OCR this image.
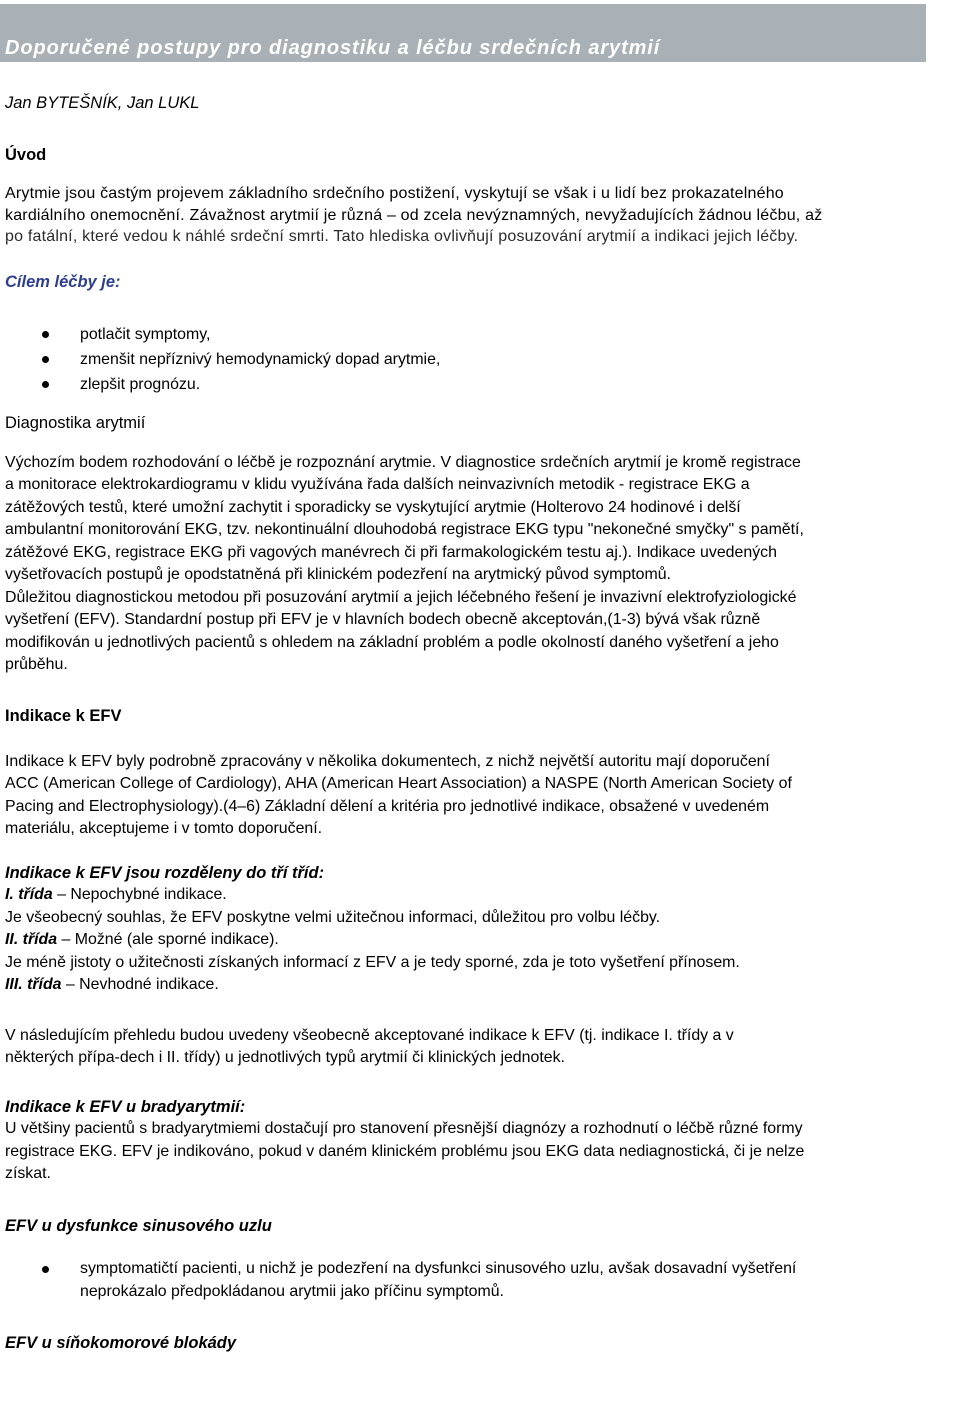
Doporučené postupy pro diagnostiku a léčbu srdečních arytmií

Jan BYTEŠNÍK, Jan LUKL

Úvod

Arytmie jsou častým projevem základního srdečního postižení, vyskytují se však i u lidí bez prokazatelného
kardiálního onemocnění. Závažnost arytmií je různá – od zcela nevýznamných, nevyžadujících žádnou léčbu, až
po fatální, které vedou k náhlé srdeční smrti. Tato hlediska ovlivňují posuzování arytmií a indikaci jejich léčby.

Cílem léčby je:

potlačit symptomy,
zmenšit nepříznivý hemodynamický dopad arytmie,
zlepšit prognózu.

Diagnostika arytmií

Výchozím bodem rozhodování o léčbě je rozpoznání arytmie. V diagnostice srdečních arytmií je kromě registrace
a monitorace elektrokardiogramu v klidu využívána řada dalších neinvazivních metodik - registrace EKG a
zátěžových testů, které umožní zachytit i sporadicky se vyskytující arytmie (Holterovo 24 hodinové i delší
ambulantní monitorování EKG, tzv. nekontinuální dlouhodobá registrace EKG typu "nekonečné smyčky" s pamětí,
zátěžové EKG, registrace EKG při vagových manévrech či při farmakologickém testu aj.). Indikace uvedených
vyšetřovacích postupů je opodstatněná při klinickém podezření na arytmický původ symptomů.
Důležitou diagnostickou metodou při posuzování arytmií a jejich léčebného řešení je invazivní elektrofyziologické
vyšetření (EFV). Standardní postup při EFV je v hlavních bodech obecně akceptován,(1-3) bývá však různě
modifikován u jednotlivých pacientů s ohledem na základní problém a podle okolností daného vyšetření a jeho
průběhu.

Indikace k EFV

Indikace k EFV byly podrobně zpracovány v několika dokumentech, z nichž největší autoritu mají doporučení
ACC (American College of Cardiology), AHA (American Heart Association) a NASPE (North American Society of
Pacing and Electrophysiology).(4–6) Základní dělení a kritéria pro jednotlivé indikace, obsažené v uvedeném
materiálu, akceptujeme i v tomto doporučení.

Indikace k EFV jsou rozděleny do tří tříd:

I. třída – Nepochybné indikace.

Je všeobecný souhlas, že EFV poskytne velmi užitečnou informaci, důležitou pro volbu léčby.

II. třída – Možné (ale sporné indikace).

Je méně jistoty o užitečnosti získaných informací z EFV a je tedy sporné, zda je toto vyšetření přínosem.

III. třída – Nevhodné indikace.

V následujícím přehledu budou uvedeny všeobecně akceptované indikace k EFV (tj. indikace I. třídy a v
některých přípa-dech i II. třídy) u jednotlivých typů arytmií či klinických jednotek.

Indikace k EFV u bradyarytmií:

U většiny pacientů s bradyarytmiemi dostačují pro stanovení přesnější diagnózy a rozhodnutí o léčbě různé formy
registrace EKG. EFV je indikováno, pokud v daném klinickém problému jsou EKG data nediagnostická, či je nelze
získat.

EFV u dysfunkce sinusového uzlu

symptomatičtí pacienti, u nichž je podezření na dysfunkci sinusového uzlu, avšak dosavadní vyšetření
neprokázalo předpokládanou arytmii jako příčinu symptomů.

EFV u síňokomorové blokády
